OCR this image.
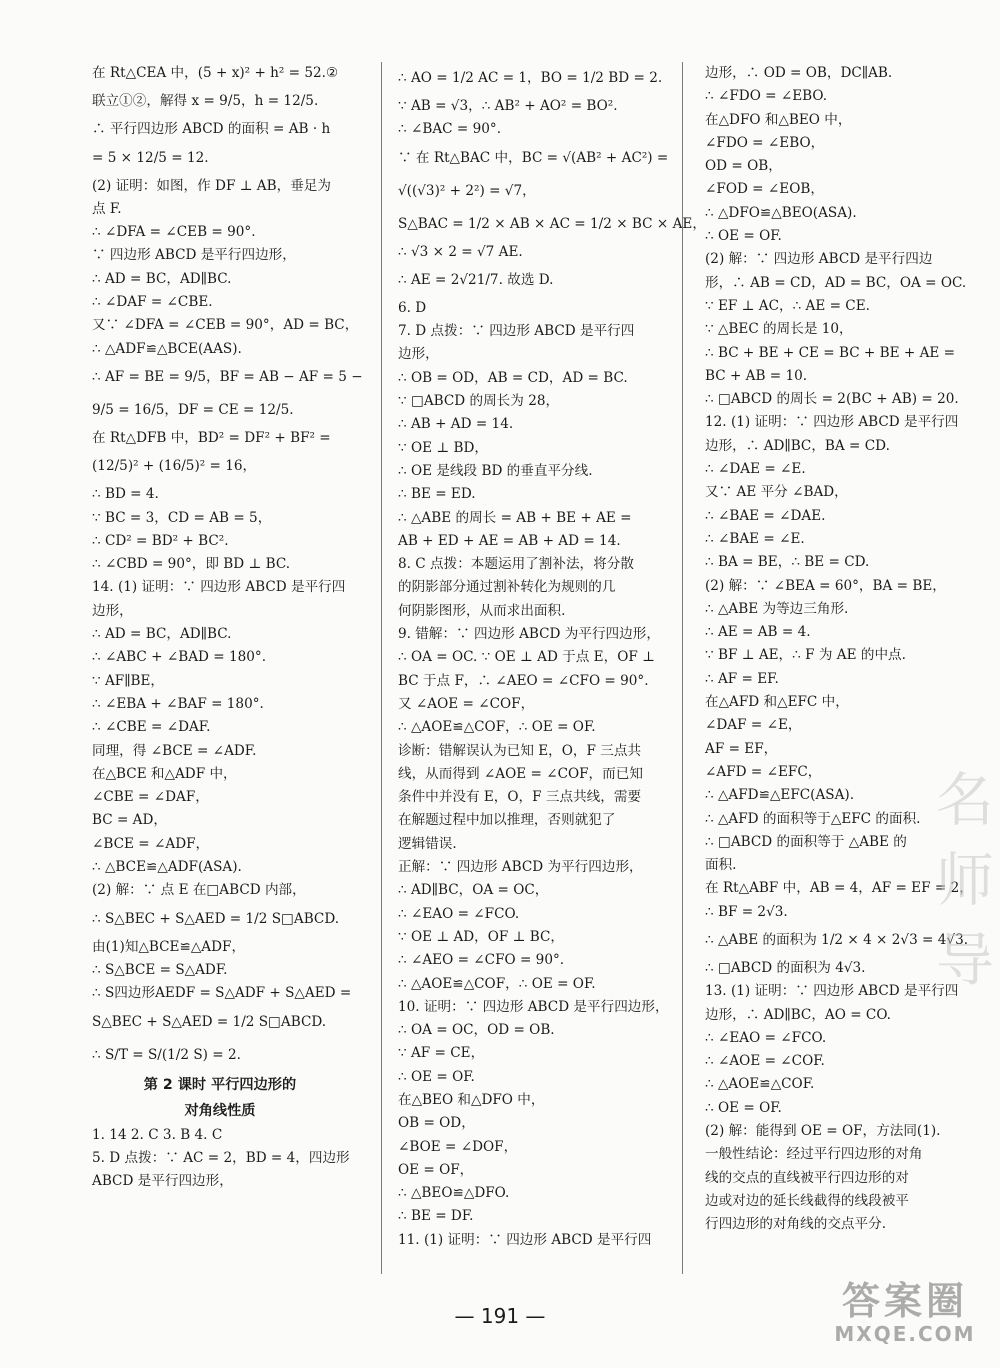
在 Rt△CEA 中，(5 + x)² + h² = 52.②
联立①②，解得 x = 9/5，h = 12/5.
∴ 平行四边形 ABCD 的面积 = AB · h
= 5 × 12/5 = 12.
(2) 证明：如图，作 DF ⊥ AB，垂足为
点 F.
∴ ∠DFA = ∠CEB = 90°.
∵ 四边形 ABCD 是平行四边形，
∴ AD = BC，AD∥BC.
∴ ∠DAF = ∠CBE.
又∵ ∠DFA = ∠CEB = 90°，AD = BC，
∴ △ADF≌△BCE(AAS).
∴ AF = BE = 9/5，BF = AB − AF = 5 −
9/5 = 16/5，DF = CE = 12/5.
在 Rt△DFB 中，BD² = DF² + BF² =
(12/5)² + (16/5)² = 16，
∴ BD = 4.
∵ BC = 3，CD = AB = 5，
∴ CD² = BD² + BC².
∴ ∠CBD = 90°，即 BD ⊥ BC.
14. (1) 证明：∵ 四边形 ABCD 是平行四
边形，
∴ AD = BC，AD∥BC.
∴ ∠ABC + ∠BAD = 180°.
∵ AF∥BE，
∴ ∠EBA + ∠BAF = 180°.
∴ ∠CBE = ∠DAF.
同理，得 ∠BCE = ∠ADF.
在△BCE 和△ADF 中，
∠CBE = ∠DAF，
BC = AD，
∠BCE = ∠ADF，
∴ △BCE≌△ADF(ASA).
(2) 解：∵ 点 E 在□ABCD 内部，
∴ S△BEC + S△AED = 1/2 S□ABCD.
由(1)知△BCE≌△ADF，
∴ S△BCE = S△ADF.
∴ S四边形AEDF = S△ADF + S△AED =
S△BEC + S△AED = 1/2 S□ABCD.
∴ S/T = S/(1/2 S) = 2.
第 2 课时 平行四边形的
对角线性质
1. 14 2. C 3. B 4. C
5. D 点拨：∵ AC = 2，BD = 4，四边形
ABCD 是平行四边形，
∴ AO = 1/2 AC = 1，BO = 1/2 BD = 2.
∵ AB = √3，∴ AB² + AO² = BO².
∴ ∠BAC = 90°.
∵ 在 Rt△BAC 中，BC = √(AB² + AC²) =
√((√3)² + 2²) = √7，
S△BAC = 1/2 × AB × AC = 1/2 × BC × AE，
∴ √3 × 2 = √7 AE.
∴ AE = 2√21/7. 故选 D.
6. D
7. D 点拨：∵ 四边形 ABCD 是平行四
边形，
∴ OB = OD，AB = CD，AD = BC.
∵ □ABCD 的周长为 28，
∴ AB + AD = 14.
∵ OE ⊥ BD，
∴ OE 是线段 BD 的垂直平分线.
∴ BE = ED.
∴ △ABE 的周长 = AB + BE + AE =
AB + ED + AE = AB + AD = 14.
8. C 点拨：本题运用了割补法，将分散
的阴影部分通过割补转化为规则的几
何阴影图形，从而求出面积.
9. 错解：∵ 四边形 ABCD 为平行四边形，
∴ OA = OC. ∵ OE ⊥ AD 于点 E，OF ⊥
BC 于点 F，∴ ∠AEO = ∠CFO = 90°.
又 ∠AOE = ∠COF，
∴ △AOE≌△COF，∴ OE = OF.
诊断：错解误认为已知 E，O，F 三点共
线，从而得到 ∠AOE = ∠COF，而已知
条件中并没有 E，O，F 三点共线，需要
在解题过程中加以推理，否则就犯了
逻辑错误.
正解：∵ 四边形 ABCD 为平行四边形，
∴ AD∥BC，OA = OC，
∴ ∠EAO = ∠FCO.
∵ OE ⊥ AD，OF ⊥ BC，
∴ ∠AEO = ∠CFO = 90°.
∴ △AOE≌△COF，∴ OE = OF.
10. 证明：∵ 四边形 ABCD 是平行四边形，
∴ OA = OC，OD = OB.
∵ AF = CE，
∴ OE = OF.
在△BEO 和△DFO 中，
OB = OD，
∠BOE = ∠DOF，
OE = OF，
∴ △BEO≌△DFO.
∴ BE = DF.
11. (1) 证明：∵ 四边形 ABCD 是平行四
边形，∴ OD = OB，DC∥AB.
∴ ∠FDO = ∠EBO.
在△DFO 和△BEO 中，
∠FDO = ∠EBO，
OD = OB，
∠FOD = ∠EOB，
∴ △DFO≌△BEO(ASA).
∴ OE = OF.
(2) 解：∵ 四边形 ABCD 是平行四边
形，∴ AB = CD，AD = BC，OA = OC.
∵ EF ⊥ AC，∴ AE = CE.
∵ △BEC 的周长是 10，
∴ BC + BE + CE = BC + BE + AE =
BC + AB = 10.
∴ □ABCD 的周长 = 2(BC + AB) = 20.
12. (1) 证明：∵ 四边形 ABCD 是平行四
边形，∴ AD∥BC，BA = CD.
∴ ∠DAE = ∠E.
又∵ AE 平分 ∠BAD，
∴ ∠BAE = ∠DAE.
∴ ∠BAE = ∠E.
∴ BA = BE，∴ BE = CD.
(2) 解：∵ ∠BEA = 60°，BA = BE，
∴ △ABE 为等边三角形.
∴ AE = AB = 4.
∵ BF ⊥ AE，∴ F 为 AE 的中点.
∴ AF = EF.
在△AFD 和△EFC 中，
∠DAF = ∠E，
AF = EF，
∠AFD = ∠EFC，
∴ △AFD≌△EFC(ASA).
∴ △AFD 的面积等于△EFC 的面积.
∴ □ABCD 的面积等于 △ABE 的
面积.
在 Rt△ABF 中，AB = 4，AF = EF = 2，
∴ BF = 2√3.
∴ △ABE 的面积为 1/2 × 4 × 2√3 = 4√3.
∴ □ABCD 的面积为 4√3.
13. (1) 证明：∵ 四边形 ABCD 是平行四
边形，∴ AD∥BC，AO = CO.
∴ ∠EAO = ∠FCO.
∴ ∠AOE = ∠COF.
∴ △AOE≌△COF.
∴ OE = OF.
(2) 解：能得到 OE = OF，方法同(1).
一般性结论：经过平行四边形的对角
线的交点的直线被平行四边形的对
边或对边的延长线截得的线段被平
行四边形的对角线的交点平分.
名 师 导
答案圈
MXQE.COM
— 191 —
